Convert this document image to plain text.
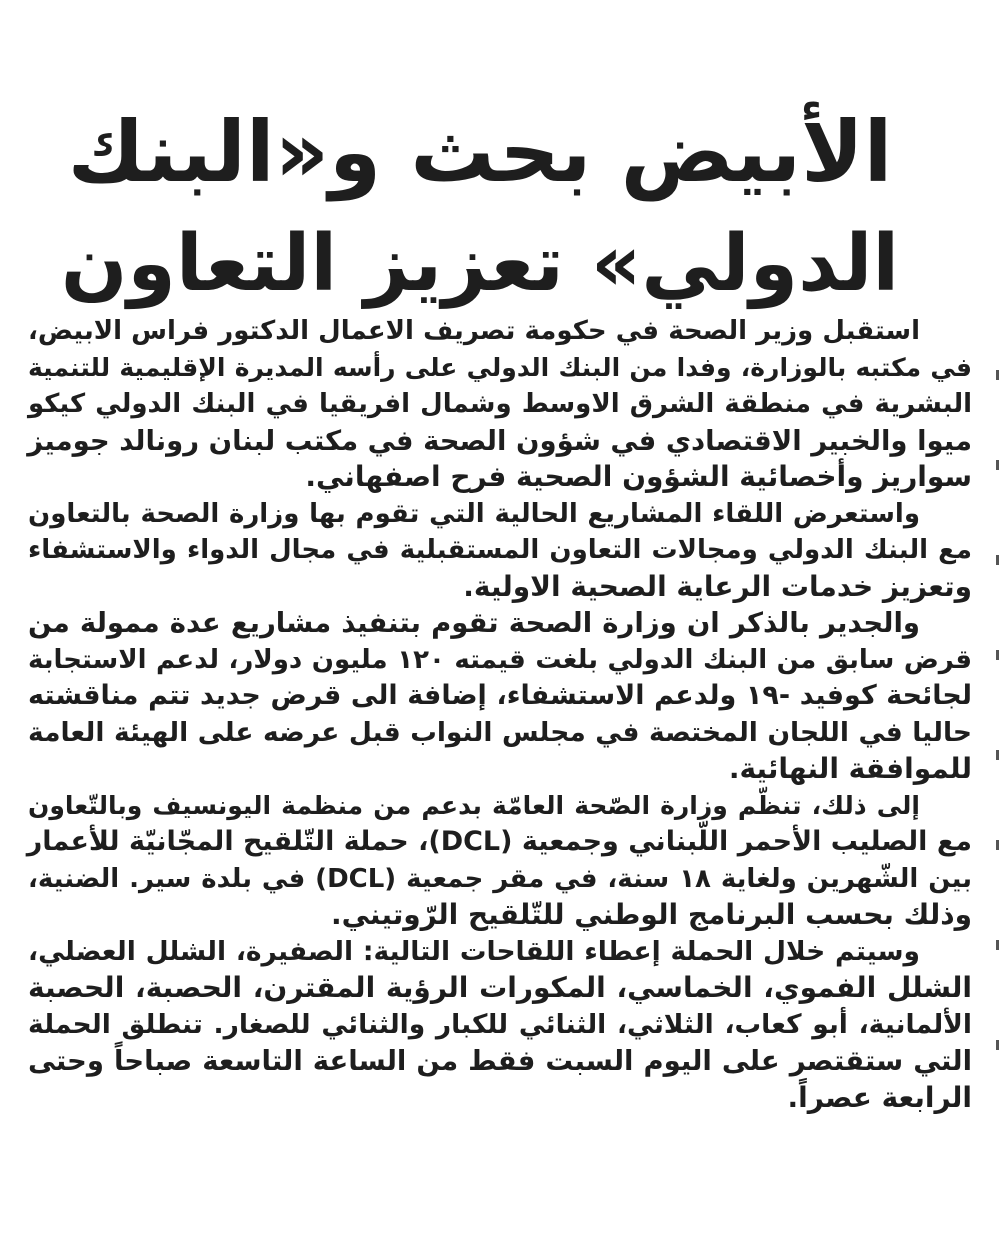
الأبيض بحث و«البنك
الدولي» تعزيز التعاون
استقبل وزير الصحة في حكومة تصريف الاعمال الدكتور فراس الابيض،
في مكتبه بالوزارة، وفدا من البنك الدولي على رأسه المديرة الإقليمية للتنمية
البشرية في منطقة الشرق الاوسط وشمال افريقيا في البنك الدولي كيكو
ميوا والخبير الاقتصادي في شؤون الصحة في مكتب لبنان رونالد جوميز
سواريز وأخصائية الشؤون الصحية فرح اصفهاني.
واستعرض اللقاء المشاريع الحالية التي تقوم بها وزارة الصحة بالتعاون
مع البنك الدولي ومجالات التعاون المستقبلية في مجال الدواء والاستشفاء
وتعزيز خدمات الرعاية الصحية الاولية.
والجدير بالذكر ان وزارة الصحة تقوم بتنفيذ مشاريع عدة ممولة من
قرض سابق من البنك الدولي بلغت قيمته ١٢٠ مليون دولار، لدعم الاستجابة
لجائحة كوفيد -١٩ ولدعم الاستشفاء، إضافة الى قرض جديد تتم مناقشته
حاليا في اللجان المختصة في مجلس النواب قبل عرضه على الهيئة العامة
للموافقة النهائية.
إلى ذلك، تنظّم وزارة الصّحة العامّة بدعم من منظمة اليونسيف وبالتّعاون
مع الصليب الأحمر اللّبناني وجمعية (DCL)، حملة التّلقيح المجّانيّة للأعمار
بين الشّهرين ولغاية ١٨ سنة، في مقر جمعية (DCL) في بلدة سير. الضنية،
وذلك بحسب البرنامج الوطني للتّلقيح الرّوتيني.
وسيتم خلال الحملة إعطاء اللقاحات التالية: الصفيرة، الشلل العضلي،
الشلل الفموي، الخماسي، المكورات الرؤية المقترن، الحصبة، الحصبة
الألمانية، أبو كعاب، الثلاثي، الثنائي للكبار والثنائي للصغار. تنطلق الحملة
التي ستقتصر على اليوم السبت فقط من الساعة التاسعة صباحاً وحتى
الرابعة عصراً.
